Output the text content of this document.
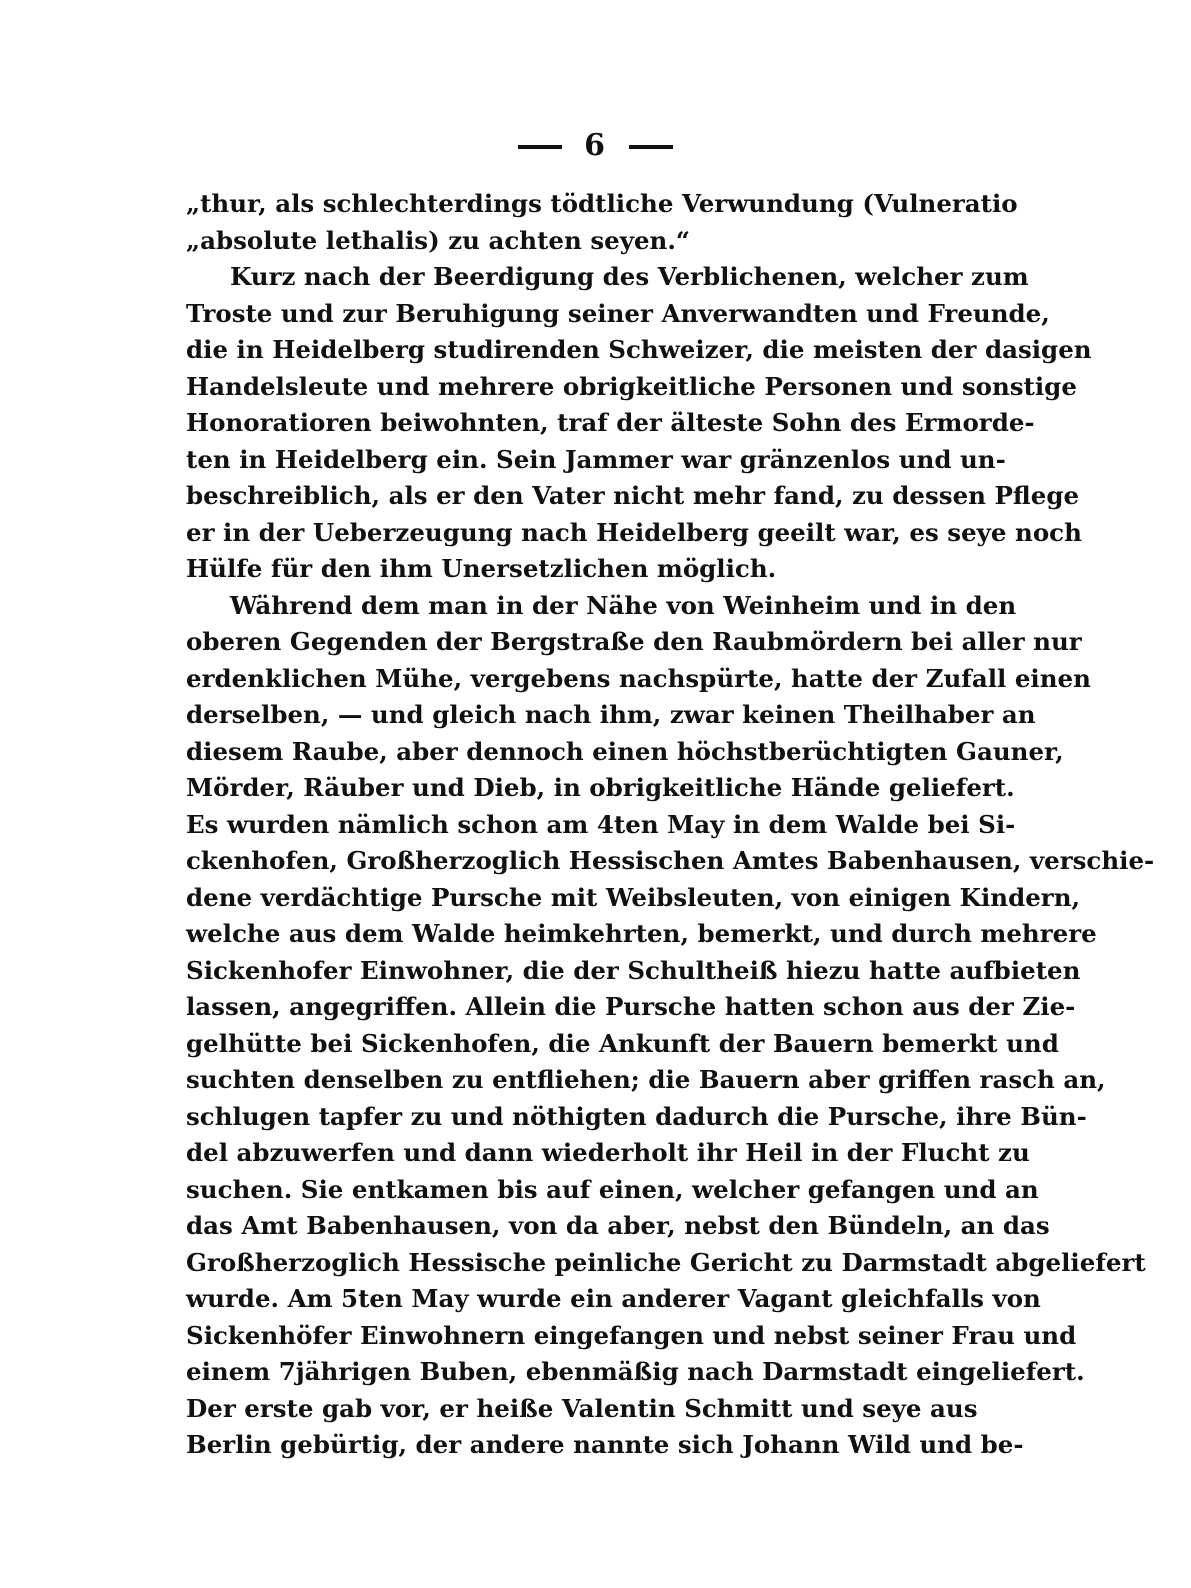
6
„thur, als schlechterdings tödtliche Verwundung (Vulneratio
„absolute lethalis) zu achten seyen.“
Kurz nach der Beerdigung des Verblichenen, welcher zum
Troste und zur Beruhigung seiner Anverwandten und Freunde,
die in Heidelberg studirenden Schweizer, die meisten der dasigen
Handelsleute und mehrere obrigkeitliche Personen und sonstige
Honoratioren beiwohnten, traf der älteste Sohn des Ermorde-
ten in Heidelberg ein. Sein Jammer war gränzenlos und un-
beschreiblich, als er den Vater nicht mehr fand, zu dessen Pflege
er in der Ueberzeugung nach Heidelberg geeilt war, es seye noch
Hülfe für den ihm Unersetzlichen möglich.
Während dem man in der Nähe von Weinheim und in den
oberen Gegenden der Bergstraße den Raubmördern bei aller nur
erdenklichen Mühe, vergebens nachspürte, hatte der Zufall einen
derselben, — und gleich nach ihm, zwar keinen Theilhaber an
diesem Raube, aber dennoch einen höchstberüchtigten Gauner,
Mörder, Räuber und Dieb, in obrigkeitliche Hände geliefert.
Es wurden nämlich schon am 4ten May in dem Walde bei Si-
ckenhofen, Großherzoglich Hessischen Amtes Babenhausen, verschie-
dene verdächtige Pursche mit Weibsleuten, von einigen Kindern,
welche aus dem Walde heimkehrten, bemerkt, und durch mehrere
Sickenhofer Einwohner, die der Schultheiß hiezu hatte aufbieten
lassen, angegriffen. Allein die Pursche hatten schon aus der Zie-
gelhütte bei Sickenhofen, die Ankunft der Bauern bemerkt und
suchten denselben zu entfliehen; die Bauern aber griffen rasch an,
schlugen tapfer zu und nöthigten dadurch die Pursche, ihre Bün-
del abzuwerfen und dann wiederholt ihr Heil in der Flucht zu
suchen. Sie entkamen bis auf einen, welcher gefangen und an
das Amt Babenhausen, von da aber, nebst den Bündeln, an das
Großherzoglich Hessische peinliche Gericht zu Darmstadt abgeliefert
wurde. Am 5ten May wurde ein anderer Vagant gleichfalls von
Sickenhöfer Einwohnern eingefangen und nebst seiner Frau und
einem 7jährigen Buben, ebenmäßig nach Darmstadt eingeliefert.
Der erste gab vor, er heiße Valentin Schmitt und seye aus
Berlin gebürtig, der andere nannte sich Johann Wild und be-
